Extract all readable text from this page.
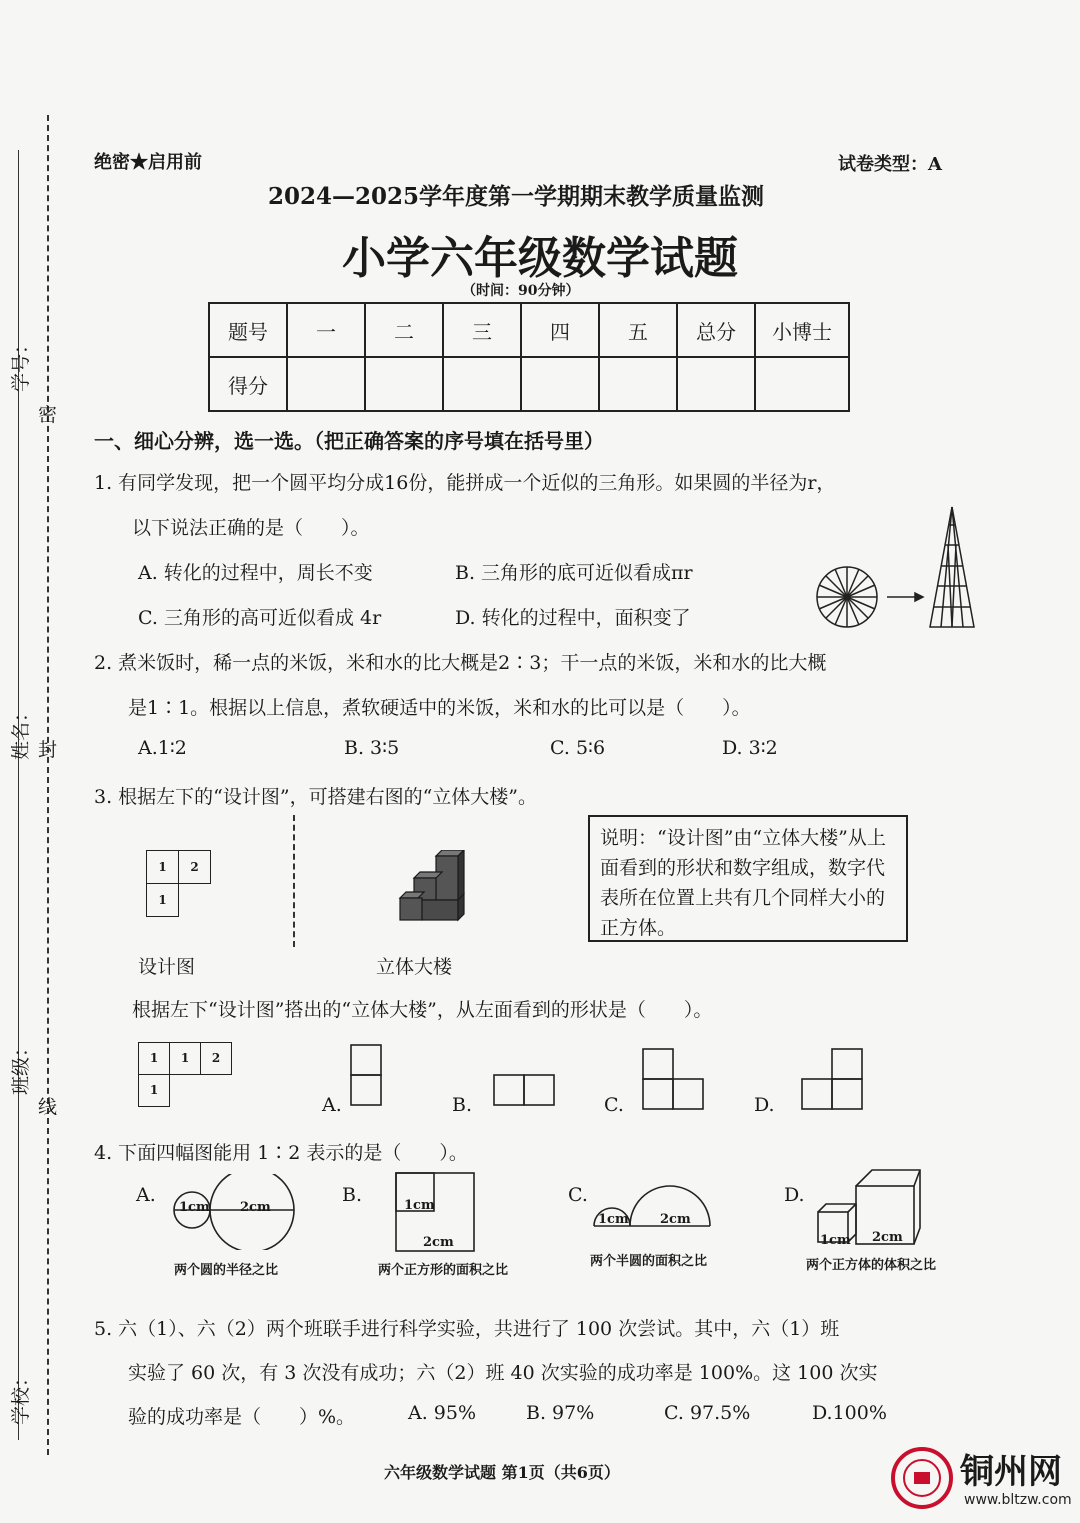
学号：
姓名：
班级：
学校：
密
封
线
绝密★启用前	试卷类型：A
2024—2025学年度第一学期期末教学质量监测
小学六年级数学试题
（时间：90分钟）
题号	一	二	三	四	五	总分	小博士
得分							
一、细心分辨，选一选。（把正确答案的序号填在括号里）
1. 有同学发现，把一个圆平均分成16份，能拼成一个近似的三角形。如果圆的半径为r，
以下说法正确的是（　　）。
A. 转化的过程中，周长不变	B. 三角形的底可近似看成πr
C. 三角形的高可近似看成 4r	D. 转化的过程中，面积变了
2. 煮米饭时，稀一点的米饭，米和水的比大概是2∶3；干一点的米饭，米和水的比大概
是1∶1。根据以上信息，煮软硬适中的米饭，米和水的比可以是（　　）。
A.1∶2	B. 3∶5	C. 5∶6	D. 3∶2
3. 根据左下的“设计图”，可搭建右图的“立体大楼”。
1	2
1
设计图	立体大楼
说明：“设计图”由“立体大楼”从上面看到的形状和数字组成，数字代表所在位置上共有几个同样大小的正方体。
根据左下“设计图”搭出的“立体大楼”，从左面看到的形状是（　　）。
1	1	2
1
A.	B.	C.	D.
4. 下面四幅图能用 1∶2 表示的是（　　）。
A.
1cm 2cm
两个圆的半径之比
B.	1cm
2cm
两个正方形的面积之比
C.
1cm 2cm
两个半圆的面积之比
D.
1cm 2cm
两个正方体的体积之比
5. 六（1）、六（2）两个班联手进行科学实验，共进行了 100 次尝试。其中，六（1）班
实验了 60 次，有 3 次没有成功；六（2）班 40 次实验的成功率是 100%。这 100 次实
验的成功率是（　　）%。	A. 95%	B. 97%	C. 97.5%	D.100%
六年级数学试题 第1页（共6页）	铜州网
www.bltzw.com
